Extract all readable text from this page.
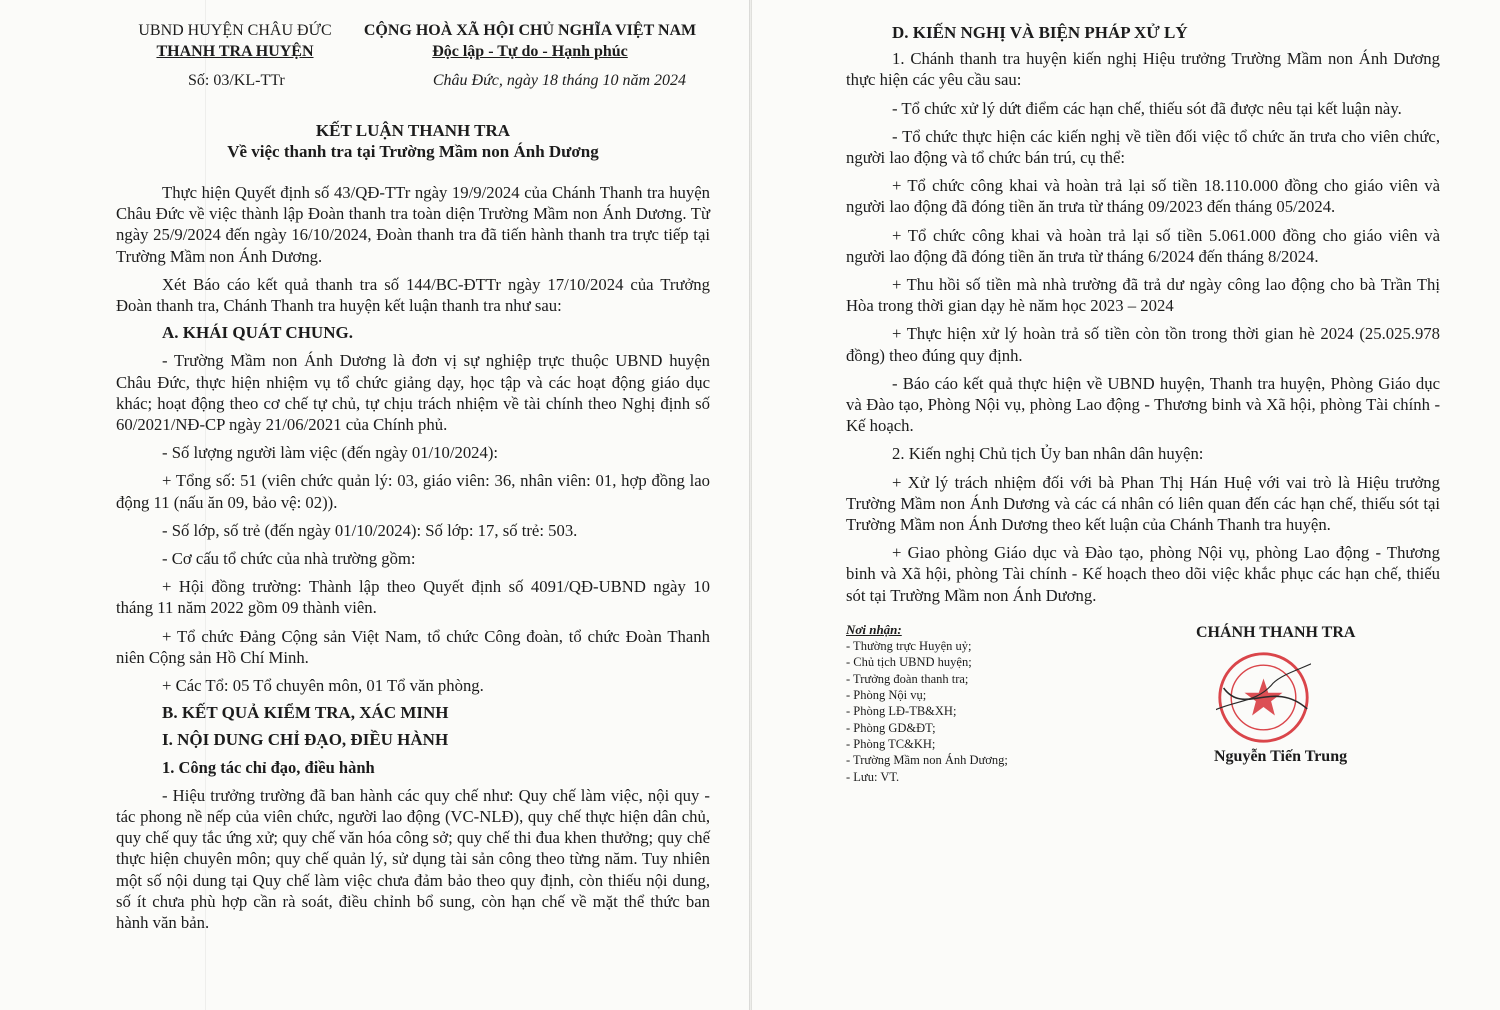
UBND HUYỆN CHÂU ĐỨC
THANH TRA HUYỆN
CỘNG HOÀ XÃ HỘI CHỦ NGHĨA VIỆT NAM
Độc lập - Tự do - Hạnh phúc
Số: 03/KL-TTr	Châu Đức, ngày 18 tháng 10 năm 2024
KẾT LUẬN THANH TRA
Về việc thanh tra tại Trường Mầm non Ánh Dương

Thực hiện Quyết định số 43/QĐ-TTr ngày 19/9/2024 của Chánh Thanh tra huyện Châu Đức về việc thành lập Đoàn thanh tra toàn diện Trường Mầm non Ánh Dương. Từ ngày 25/9/2024 đến ngày 16/10/2024, Đoàn thanh tra đã tiến hành thanh tra trực tiếp tại Trường Mầm non Ánh Dương.

Xét Báo cáo kết quả thanh tra số 144/BC-ĐTTr ngày 17/10/2024 của Trưởng Đoàn thanh tra, Chánh Thanh tra huyện kết luận thanh tra như sau:

A. KHÁI QUÁT CHUNG.

- Trường Mầm non Ánh Dương là đơn vị sự nghiệp trực thuộc UBND huyện Châu Đức, thực hiện nhiệm vụ tổ chức giảng dạy, học tập và các hoạt động giáo dục khác; hoạt động theo cơ chế tự chủ, tự chịu trách nhiệm về tài chính theo Nghị định số 60/2021/NĐ-CP ngày 21/06/2021 của Chính phủ.

- Số lượng người làm việc (đến ngày 01/10/2024):

+ Tổng số: 51 (viên chức quản lý: 03, giáo viên: 36, nhân viên: 01, hợp đồng lao động 11 (nấu ăn 09, bảo vệ: 02)).

- Số lớp, số trẻ (đến ngày 01/10/2024): Số lớp: 17, số trẻ: 503.

- Cơ cấu tổ chức của nhà trường gồm:

+ Hội đồng trường: Thành lập theo Quyết định số 4091/QĐ-UBND ngày 10 tháng 11 năm 2022 gồm 09 thành viên.

+ Tổ chức Đảng Cộng sản Việt Nam, tổ chức Công đoàn, tổ chức Đoàn Thanh niên Cộng sản Hồ Chí Minh.

+ Các Tổ: 05 Tổ chuyên môn, 01 Tổ văn phòng.

B. KẾT QUẢ KIỂM TRA, XÁC MINH

I. NỘI DUNG CHỈ ĐẠO, ĐIỀU HÀNH

1. Công tác chỉ đạo, điều hành

- Hiệu trưởng trường đã ban hành các quy chế như: Quy chế làm việc, nội quy - tác phong nề nếp của viên chức, người lao động (VC-NLĐ), quy chế thực hiện dân chủ, quy chế quy tắc ứng xử; quy chế văn hóa công sở; quy chế thi đua khen thưởng; quy chế thực hiện chuyên môn; quy chế quản lý, sử dụng tài sản công theo từng năm. Tuy nhiên một số nội dung tại Quy chế làm việc chưa đảm bảo theo quy định, còn thiếu nội dung, số ít chưa phù hợp cần rà soát, điều chỉnh bổ sung, còn hạn chế về mặt thể thức ban hành văn bản.

D. KIẾN NGHỊ VÀ BIỆN PHÁP XỬ LÝ

1. Chánh thanh tra huyện kiến nghị Hiệu trưởng Trường Mầm non Ánh Dương thực hiện các yêu cầu sau:

- Tổ chức xử lý dứt điểm các hạn chế, thiếu sót đã được nêu tại kết luận này.

- Tổ chức thực hiện các kiến nghị về tiền đối việc tổ chức ăn trưa cho viên chức, người lao động và tổ chức bán trú, cụ thể:

+ Tổ chức công khai và hoàn trả lại số tiền 18.110.000 đồng cho giáo viên và người lao động đã đóng tiền ăn trưa từ tháng 09/2023 đến tháng 05/2024.

+ Tổ chức công khai và hoàn trả lại số tiền 5.061.000 đồng cho giáo viên và người lao động đã đóng tiền ăn trưa từ tháng 6/2024 đến tháng 8/2024.

+ Thu hồi số tiền mà nhà trường đã trả dư ngày công lao động cho bà Trần Thị Hòa trong thời gian dạy hè năm học 2023 – 2024

+ Thực hiện xử lý hoàn trả số tiền còn tồn trong thời gian hè 2024 (25.025.978 đồng) theo đúng quy định.

- Báo cáo kết quả thực hiện về UBND huyện, Thanh tra huyện, Phòng Giáo dục và Đào tạo, Phòng Nội vụ, phòng Lao động - Thương binh và Xã hội, phòng Tài chính - Kế hoạch.

2. Kiến nghị Chủ tịch Ủy ban nhân dân huyện:

+ Xử lý trách nhiệm đối với bà Phan Thị Hán Huệ với vai trò là Hiệu trưởng Trường Mầm non Ánh Dương và các cá nhân có liên quan đến các hạn chế, thiếu sót tại Trường Mầm non Ánh Dương theo kết luận của Chánh Thanh tra huyện.

+ Giao phòng Giáo dục và Đào tạo, phòng Nội vụ, phòng Lao động - Thương binh và Xã hội, phòng Tài chính - Kế hoạch theo dõi việc khắc phục các hạn chế, thiếu sót tại Trường Mầm non Ánh Dương.

Nơi nhận:
- Thường trực Huyện uỷ;
- Chủ tịch UBND huyện;
- Trưởng đoàn thanh tra;
- Phòng Nội vụ;
- Phòng LĐ-TB&XH;
- Phòng GD&ĐT;
- Phòng TC&KH;
- Trường Mầm non Ánh Dương;
- Lưu: VT.
CHÁNH THANH TRA
Nguyễn Tiến Trung
